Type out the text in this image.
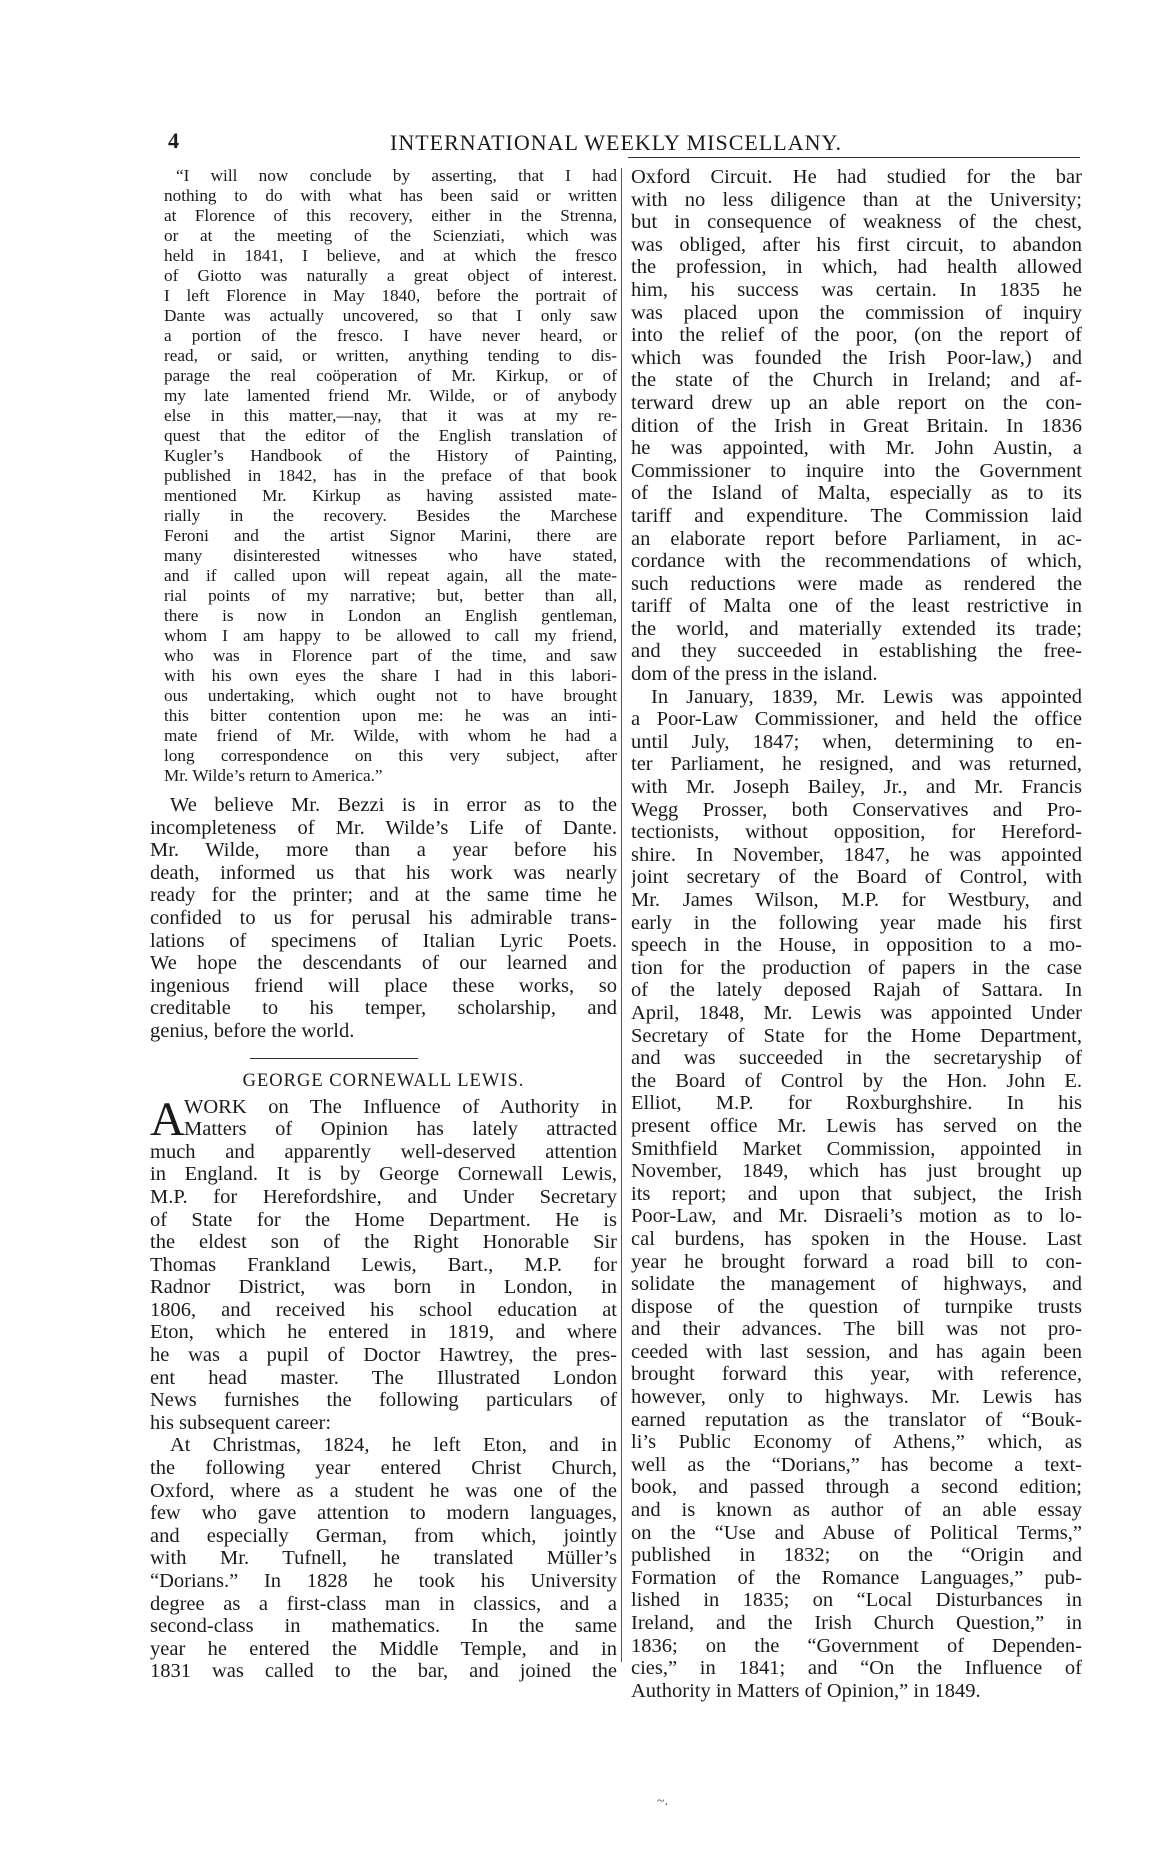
4	INTERNATIONAL WEEKLY MISCELLANY.
“I will now conclude by asserting, that I had
nothing to do with what has been said or written
at Florence of this recovery, either in the Strenna,
or at the meeting of the Scienziati, which was
held in 1841, I believe, and at which the fresco
of Giotto was naturally a great object of interest.
I left Florence in May 1840, before the portrait of
Dante was actually uncovered, so that I only saw
a portion of the fresco. I have never heard, or
read, or said, or written, anything tending to dis-
parage the real coöperation of Mr. Kirkup, or of
my late lamented friend Mr. Wilde, or of anybody
else in this matter,—nay, that it was at my re-
quest that the editor of the English translation of
Kugler’s Handbook of the History of Painting,
published in 1842, has in the preface of that book
mentioned Mr. Kirkup as having assisted mate-
rially in the recovery. Besides the Marchese
Feroni and the artist Signor Marini, there are
many disinterested witnesses who have stated,
and if called upon will repeat again, all the mate-
rial points of my narrative; but, better than all,
there is now in London an English gentleman,
whom I am happy to be allowed to call my friend,
who was in Florence part of the time, and saw
with his own eyes the share I had in this labori-
ous undertaking, which ought not to have brought
this bitter contention upon me: he was an inti-
mate friend of Mr. Wilde, with whom he had a
long correspondence on this very subject, after
Mr. Wilde’s return to America.”
We believe Mr. Bezzi is in error as to the
incompleteness of Mr. Wilde’s Life of Dante.
Mr. Wilde, more than a year before his
death, informed us that his work was nearly
ready for the printer; and at the same time he
confided to us for perusal his admirable trans-
lations of specimens of Italian Lyric Poets.
We hope the descendants of our learned and
ingenious friend will place these works, so
creditable to his temper, scholarship, and
genius, before the world.
GEORGE CORNEWALL LEWIS.
A WORK on The Influence of Authority in
Matters of Opinion has lately attracted
much and apparently well-deserved attention
in England. It is by George Cornewall Lewis,
M.P. for Herefordshire, and Under Secretary
of State for the Home Department. He is
the eldest son of the Right Honorable Sir
Thomas Frankland Lewis, Bart., M.P. for
Radnor District, was born in London, in
1806, and received his school education at
Eton, which he entered in 1819, and where
he was a pupil of Doctor Hawtrey, the pres-
ent head master. The Illustrated London
News furnishes the following particulars of
his subsequent career:
At Christmas, 1824, he left Eton, and in
the following year entered Christ Church,
Oxford, where as a student he was one of the
few who gave attention to modern languages,
and especially German, from which, jointly
with Mr. Tufnell, he translated Müller’s
“Dorians.” In 1828 he took his University
degree as a first-class man in classics, and a
second-class in mathematics. In the same
year he entered the Middle Temple, and in
1831 was called to the bar, and joined the
Oxford Circuit. He had studied for the bar
with no less diligence than at the University;
but in consequence of weakness of the chest,
was obliged, after his first circuit, to abandon
the profession, in which, had health allowed
him, his success was certain. In 1835 he
was placed upon the commission of inquiry
into the relief of the poor, (on the report of
which was founded the Irish Poor-law,) and
the state of the Church in Ireland; and af-
terward drew up an able report on the con-
dition of the Irish in Great Britain. In 1836
he was appointed, with Mr. John Austin, a
Commissioner to inquire into the Government
of the Island of Malta, especially as to its
tariff and expenditure. The Commission laid
an elaborate report before Parliament, in ac-
cordance with the recommendations of which,
such reductions were made as rendered the
tariff of Malta one of the least restrictive in
the world, and materially extended its trade;
and they succeeded in establishing the free-
dom of the press in the island.
In January, 1839, Mr. Lewis was appointed
a Poor-Law Commissioner, and held the office
until July, 1847; when, determining to en-
ter Parliament, he resigned, and was returned,
with Mr. Joseph Bailey, Jr., and Mr. Francis
Wegg Prosser, both Conservatives and Pro-
tectionists, without opposition, for Hereford-
shire. In November, 1847, he was appointed
joint secretary of the Board of Control, with
Mr. James Wilson, M.P. for Westbury, and
early in the following year made his first
speech in the House, in opposition to a mo-
tion for the production of papers in the case
of the lately deposed Rajah of Sattara. In
April, 1848, Mr. Lewis was appointed Under
Secretary of State for the Home Department,
and was succeeded in the secretaryship of
the Board of Control by the Hon. John E.
Elliot, M.P. for Roxburghshire. In his
present office Mr. Lewis has served on the
Smithfield Market Commission, appointed in
November, 1849, which has just brought up
its report; and upon that subject, the Irish
Poor-Law, and Mr. Disraeli’s motion as to lo-
cal burdens, has spoken in the House. Last
year he brought forward a road bill to con-
solidate the management of highways, and
dispose of the question of turnpike trusts
and their advances. The bill was not pro-
ceeded with last session, and has again been
brought forward this year, with reference,
however, only to highways. Mr. Lewis has
earned reputation as the translator of “Bouk-
li’s Public Economy of Athens,” which, as
well as the “Dorians,” has become a text-
book, and passed through a second edition;
and is known as author of an able essay
on the “Use and Abuse of Political Terms,”
published in 1832; on the “Origin and
Formation of the Romance Languages,” pub-
lished in 1835; on “Local Disturbances in
Ireland, and the Irish Church Question,” in
1836; on the “Government of Dependen-
cies,” in 1841; and “On the Influence of
Authority in Matters of Opinion,” in 1849.
~.
